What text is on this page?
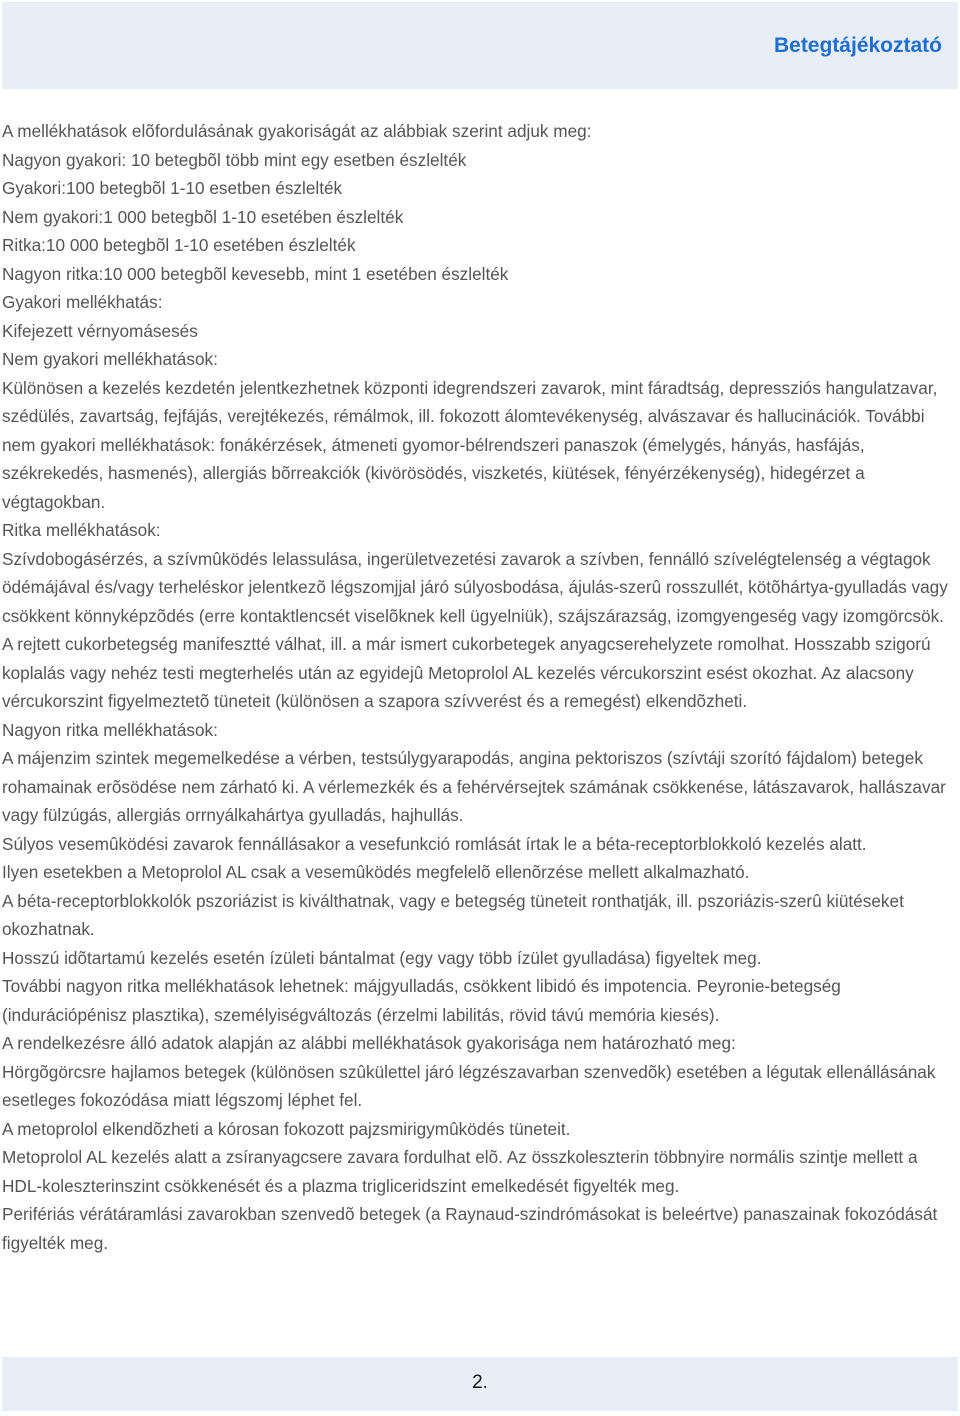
Betegtájékoztató

A mellékhatások elõfordulásának gyakoriságát az alábbiak szerint adjuk meg:

Nagyon gyakori: 10 betegbõl több mint egy esetben észlelték

Gyakori:100 betegbõl 1-10 esetben észlelték

Nem gyakori:1 000 betegbõl 1-10 esetében észlelték

Ritka:10 000 betegbõl 1-10 esetében észlelték

Nagyon ritka:10 000 betegbõl kevesebb, mint 1 esetében észlelték

Gyakori mellékhatás:

Kifejezett vérnyomásesés

Nem gyakori mellékhatások:

Különösen a kezelés kezdetén jelentkezhetnek központi idegrendszeri zavarok, mint fáradtság, depressziós hangulatzavar, szédülés, zavartság, fejfájás, verejtékezés, rémálmok, ill. fokozott álomtevékenység, alvászavar és hallucinációk. További nem gyakori mellékhatások: fonákérzések, átmeneti gyomor-bélrendszeri panaszok (émelygés, hányás, hasfájás, székrekedés, hasmenés), allergiás bõrreakciók (kivörösödés, viszketés, kiütések, fényérzékenység), hidegérzet a végtagokban.

Ritka mellékhatások:

Szívdobogásérzés, a szívmûködés lelassulása, ingerületvezetési zavarok a szívben, fennálló szívelégtelenség a végtagok ödémájával és/vagy terheléskor jelentkezõ légszomjjal járó súlyosbodása, ájulás-szerû rosszullét, kötõhártya-gyulladás vagy csökkent könnyképzõdés (erre kontaktlencsét viselõknek kell ügyelniük), szájszárazság, izomgyengeség vagy izomgörcsök. A rejtett cukorbetegség manifesztté válhat, ill. a már ismert cukorbetegek anyagcserehelyzete romolhat. Hosszabb szigorú koplalás vagy nehéz testi megterhelés után az egyidejû Metoprolol AL kezelés vércukorszint esést okozhat. Az alacsony vércukorszint figyelmeztetõ tüneteit (különösen a szapora szívverést és a remegést) elkendõzheti.

Nagyon ritka mellékhatások:

A májenzim szintek megemelkedése a vérben, testsúlygyarapodás, angina pektoriszos (szívtáji szorító fájdalom) betegek rohamainak erõsödése nem zárható ki. A vérlemezkék és a fehérvérsejtek számának csökkenése, látászavarok, hallászavar vagy fülzúgás, allergiás orrnyálkahártya gyulladás, hajhullás.

Súlyos vesemûködési zavarok fennállásakor a vesefunkció romlását írtak le a béta-receptorblokkoló kezelés alatt.

Ilyen esetekben a Metoprolol AL csak a vesemûködés megfelelõ ellenõrzése mellett alkalmazható.

A béta-receptorblokkolók pszoriázist is kiválthatnak, vagy e betegség tüneteit ronthatják, ill. pszoriázis-szerû kiütéseket okozhatnak.

Hosszú idõtartamú kezelés esetén ízületi bántalmat (egy vagy több ízület gyulladása) figyeltek meg.

További nagyon ritka mellékhatások lehetnek: májgyulladás, csökkent libidó és impotencia. Peyronie-betegség (indurációpénisz plasztika), személyiségváltozás (érzelmi labilitás, rövid távú memória kiesés).

A rendelkezésre álló adatok alapján az alábbi mellékhatások gyakorisága nem határozható meg:

Hörgõgörcsre hajlamos betegek (különösen szûkülettel járó légzészavarban szenvedõk) esetében a légutak ellenállásának esetleges fokozódása miatt légszomj léphet fel.

A metoprolol elkendõzheti a kórosan fokozott pajzsmirigymûködés tüneteit.

Metoprolol AL kezelés alatt a zsíranyagcsere zavara fordulhat elõ. Az összkoleszterin többnyire normális szintje mellett a HDL-koleszterinszint csökkenését és a plazma trigliceridszint emelkedését figyelték meg.

Perifériás vérátáramlási zavarokban szenvedõ betegek (a Raynaud-szindrómásokat is beleértve) panaszainak fokozódását figyelték meg.

2.
